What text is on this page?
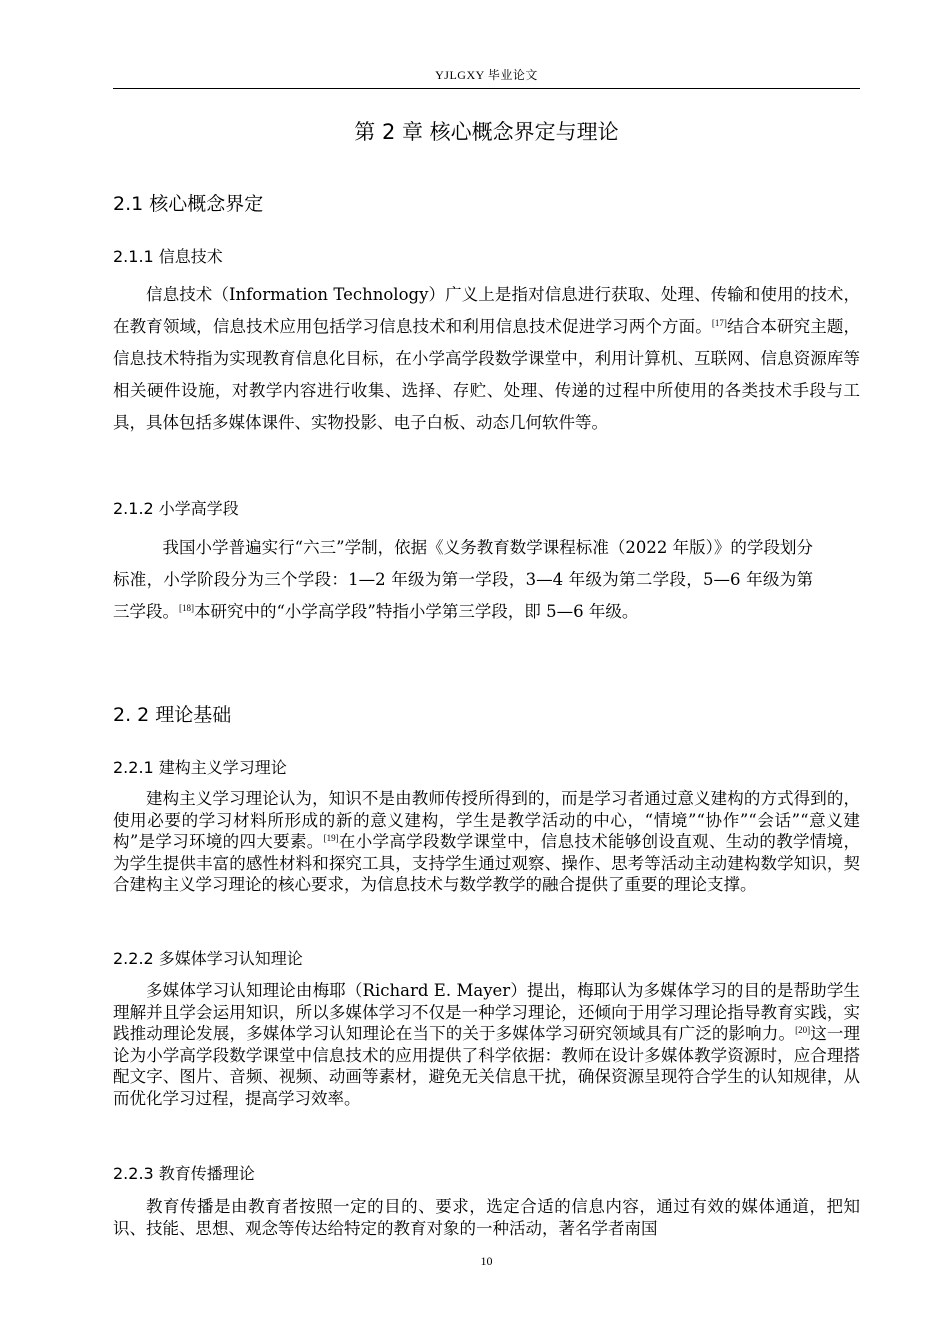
YJLGXY 毕业论文
第 2 章 核心概念界定与理论
2.1 核心概念界定
2.1.1 信息技术

信息技术（Information Technology）广义上是指对信息进行获取、处理、传输和使用的技术，在教育领域，信息技术应用包括学习信息技术和利用信息技术促进学习两个方面。[17]结合本研究主题，信息技术特指为实现教育信息化目标，在小学高学段数学课堂中，利用计算机、互联网、信息资源库等相关硬件设施，对教学内容进行收集、选择、存贮、处理、传递的过程中所使用的各类技术手段与工具，具体包括多媒体课件、实物投影、电子白板、动态几何软件等。

2.1.2 小学高学段

我国小学普遍实行“六三”学制，依据《义务教育数学课程标准（2022 年版）》的学段划分标准，小学阶段分为三个学段：1—2 年级为第一学段，3—4 年级为第二学段，5—6 年级为第三学段。[18]本研究中的“小学高学段”特指小学第三学段，即 5—6 年级。

2. 2 理论基础
2.2.1 建构主义学习理论

建构主义学习理论认为，知识不是由教师传授所得到的，而是学习者通过意义建构的方式得到的，使用必要的学习材料所形成的新的意义建构，学生是教学活动的中心，“情境”“协作”“会话”“意义建构”是学习环境的四大要素。[19]在小学高学段数学课堂中，信息技术能够创设直观、生动的教学情境，为学生提供丰富的感性材料和探究工具，支持学生通过观察、操作、思考等活动主动建构数学知识，契合建构主义学习理论的核心要求，为信息技术与数学教学的融合提供了重要的理论支撑。

2.2.2 多媒体学习认知理论

多媒体学习认知理论由梅耶（Richard E. Mayer）提出，梅耶认为多媒体学习的目的是帮助学生理解并且学会运用知识，所以多媒体学习不仅是一种学习理论，还倾向于用学习理论指导教育实践，实践推动理论发展，多媒体学习认知理论在当下的关于多媒体学习研究领域具有广泛的影响力。[20]这一理论为小学高学段数学课堂中信息技术的应用提供了科学依据：教师在设计多媒体教学资源时，应合理搭配文字、图片、音频、视频、动画等素材，避免无关信息干扰，确保资源呈现符合学生的认知规律，从而优化学习过程，提高学习效率。

2.2.3 教育传播理论

教育传播是由教育者按照一定的目的、要求，选定合适的信息内容，通过有效的媒体通道，把知识、技能、思想、观念等传达给特定的教育对象的一种活动，著名学者南国

10
